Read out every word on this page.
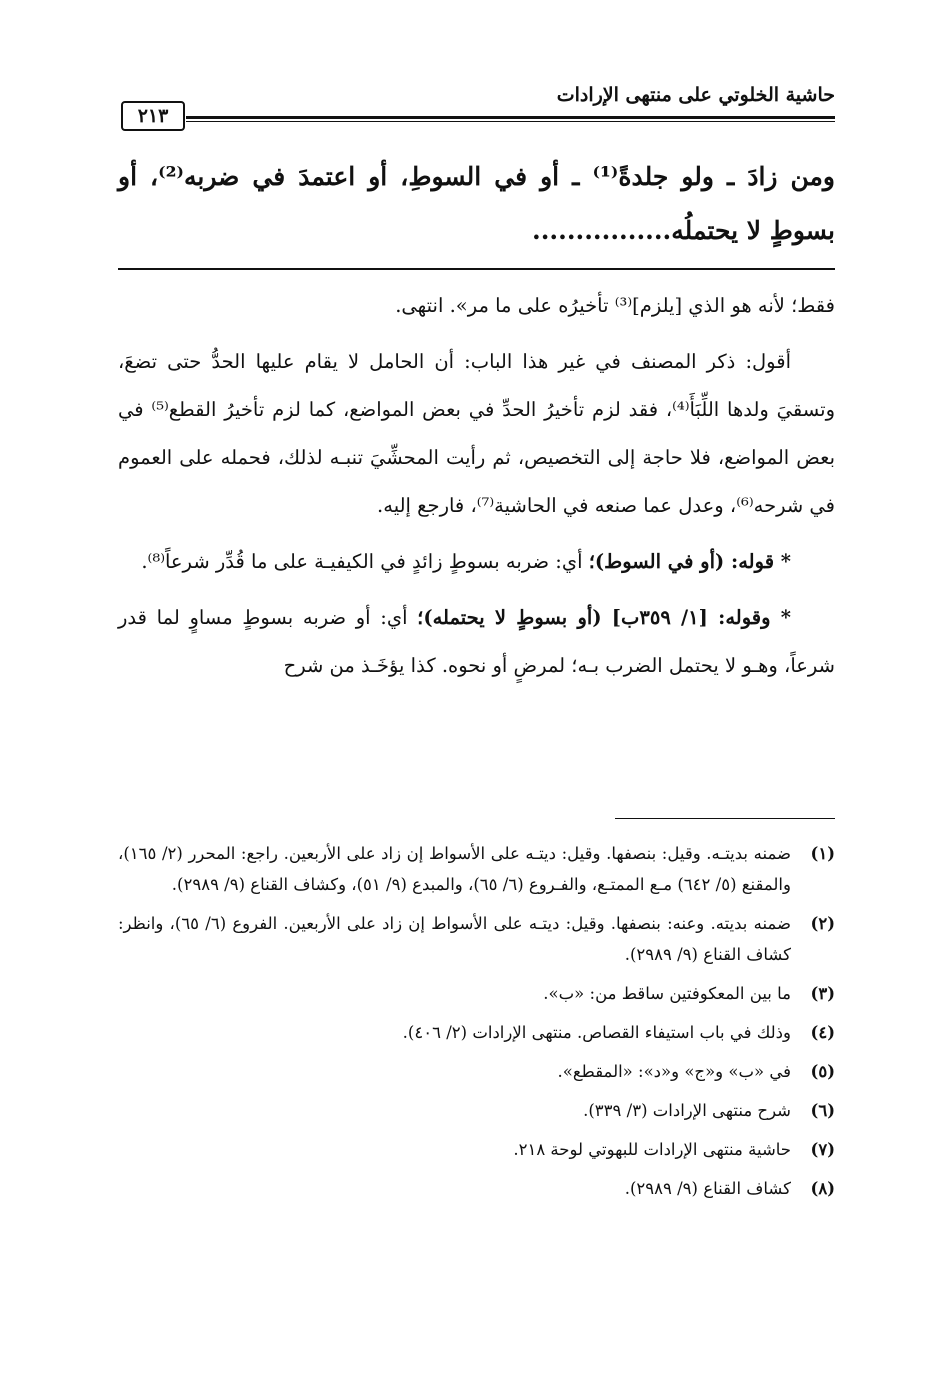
حاشية الخلوتي على منتهى الإرادات
٢١٣

ومن زادَ ـ ولو جلدةً⁽¹⁾ ـ أو في السوطِ، أو اعتمدَ في ضربه⁽²⁾، أو بسوطٍ لا يحتملُه................

فقط؛ لأنه هو الذي [يلزم]⁽³⁾ تأخيرُه على ما مر». انتهى.

أقول: ذكر المصنف في غير هذا الباب: أن الحامل لا يقام عليها الحدُّ حتى تضعَ، وتسقيَ ولدها اللِّبَأَ⁽⁴⁾، فقد لزم تأخيرُ الحدِّ في بعض المواضع، كما لزم تأخيرُ القطع⁽⁵⁾ في بعض المواضع، فلا حاجة إلى التخصيص، ثم رأيت المحشِّيَ تنبـه لذلك، فحمله على العموم في شرحه⁽⁶⁾، وعدل عما صنعه في الحاشية⁽⁷⁾، فارجع إليه.

* قوله: (أو في السوط)؛ أي: ضربه بسوطٍ زائدٍ في الكيفيـة على ما قُدِّر شرعاً⁽⁸⁾.

* وقوله: [١/ ٣٥٩ب] (أو بسوطٍ لا يحتمله)؛ أي: أو ضربه بسوطٍ مساوٍ لما قدر شرعاً، وهـو لا يحتمل الضرب بـه؛ لمرضٍ أو نحوه. كذا يؤخَـذ من شرح

(١)
ضمنه بديتـه. وقيل: بنصفها. وقيل: ديتـه على الأسواط إن زاد على الأربعين. راجع: المحرر (٢/ ١٦٥)، والمقنع (٥/ ٦٤٢) مـع الممتـع، والفـروع (٦/ ٦٥)، والمبدع (٩/ ٥١)، وكشاف القناع (٩/ ٢٩٨٩).
(٢)
ضمنه بديته. وعنه: بنصفها. وقيل: ديتـه على الأسواط إن زاد على الأربعين. الفروع (٦/ ٦٥)، وانظر: كشاف القناع (٩/ ٢٩٨٩).
(٣)
ما بين المعكوفتين ساقط من: «ب».
(٤)
وذلك في باب استيفاء القصاص. منتهى الإرادات (٢/ ٤٠٦).
(٥)
في «ب» و«ج» و«د»: «المقطع».
(٦)
شرح منتهى الإرادات (٣/ ٣٣٩).
(٧)
حاشية منتهى الإرادات للبهوتي لوحة ٢١٨.
(٨)
كشاف القناع (٩/ ٢٩٨٩).
